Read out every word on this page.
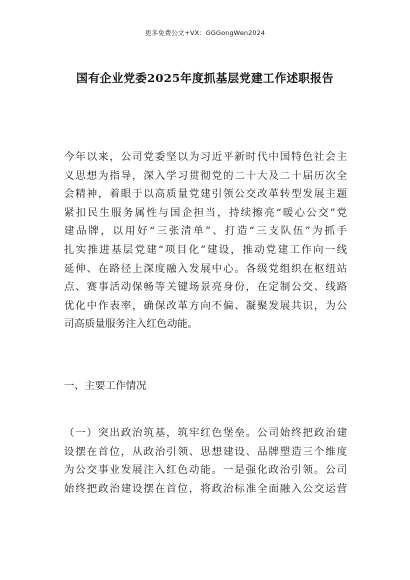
更多免费公文+VX：GGGongWen2024
国有企业党委2025年度抓基层党建工作述职报告
今年以来，公司党委坚以为习近平新时代中国特色社会主
义思想为指导，深入学习贯彻党的二十大及二十届历次全
会精神，着眼于以高质量党建引领公交改革转型发展主题
紧扣民生服务属性与国企担当，持续擦亮“暖心公交”党
建品牌，以用好“三张清单”、打造“三支队伍”为抓手
扎实推进基层党建“项目化”建设，推动党建工作向一线
延伸、在路径上深度融入发展中心。各级党组织在枢纽站
点、赛事活动保畅等关键场景亮身份，在定制公交、线路
优化中作表率，确保改革方向不偏、凝聚发展共识，为公
司高质量服务注入红色动能。
一、主要工作情况
（一）突出政治筑基，筑牢红色堡垒。公司始终把政治建
设摆在首位，从政治引领、思想建设、品牌塑造三个维度
为公交事业发展注入红色动能。一是强化政治引领。公司
始终把政治建设摆在首位，将政治标准全面融入公交运营
